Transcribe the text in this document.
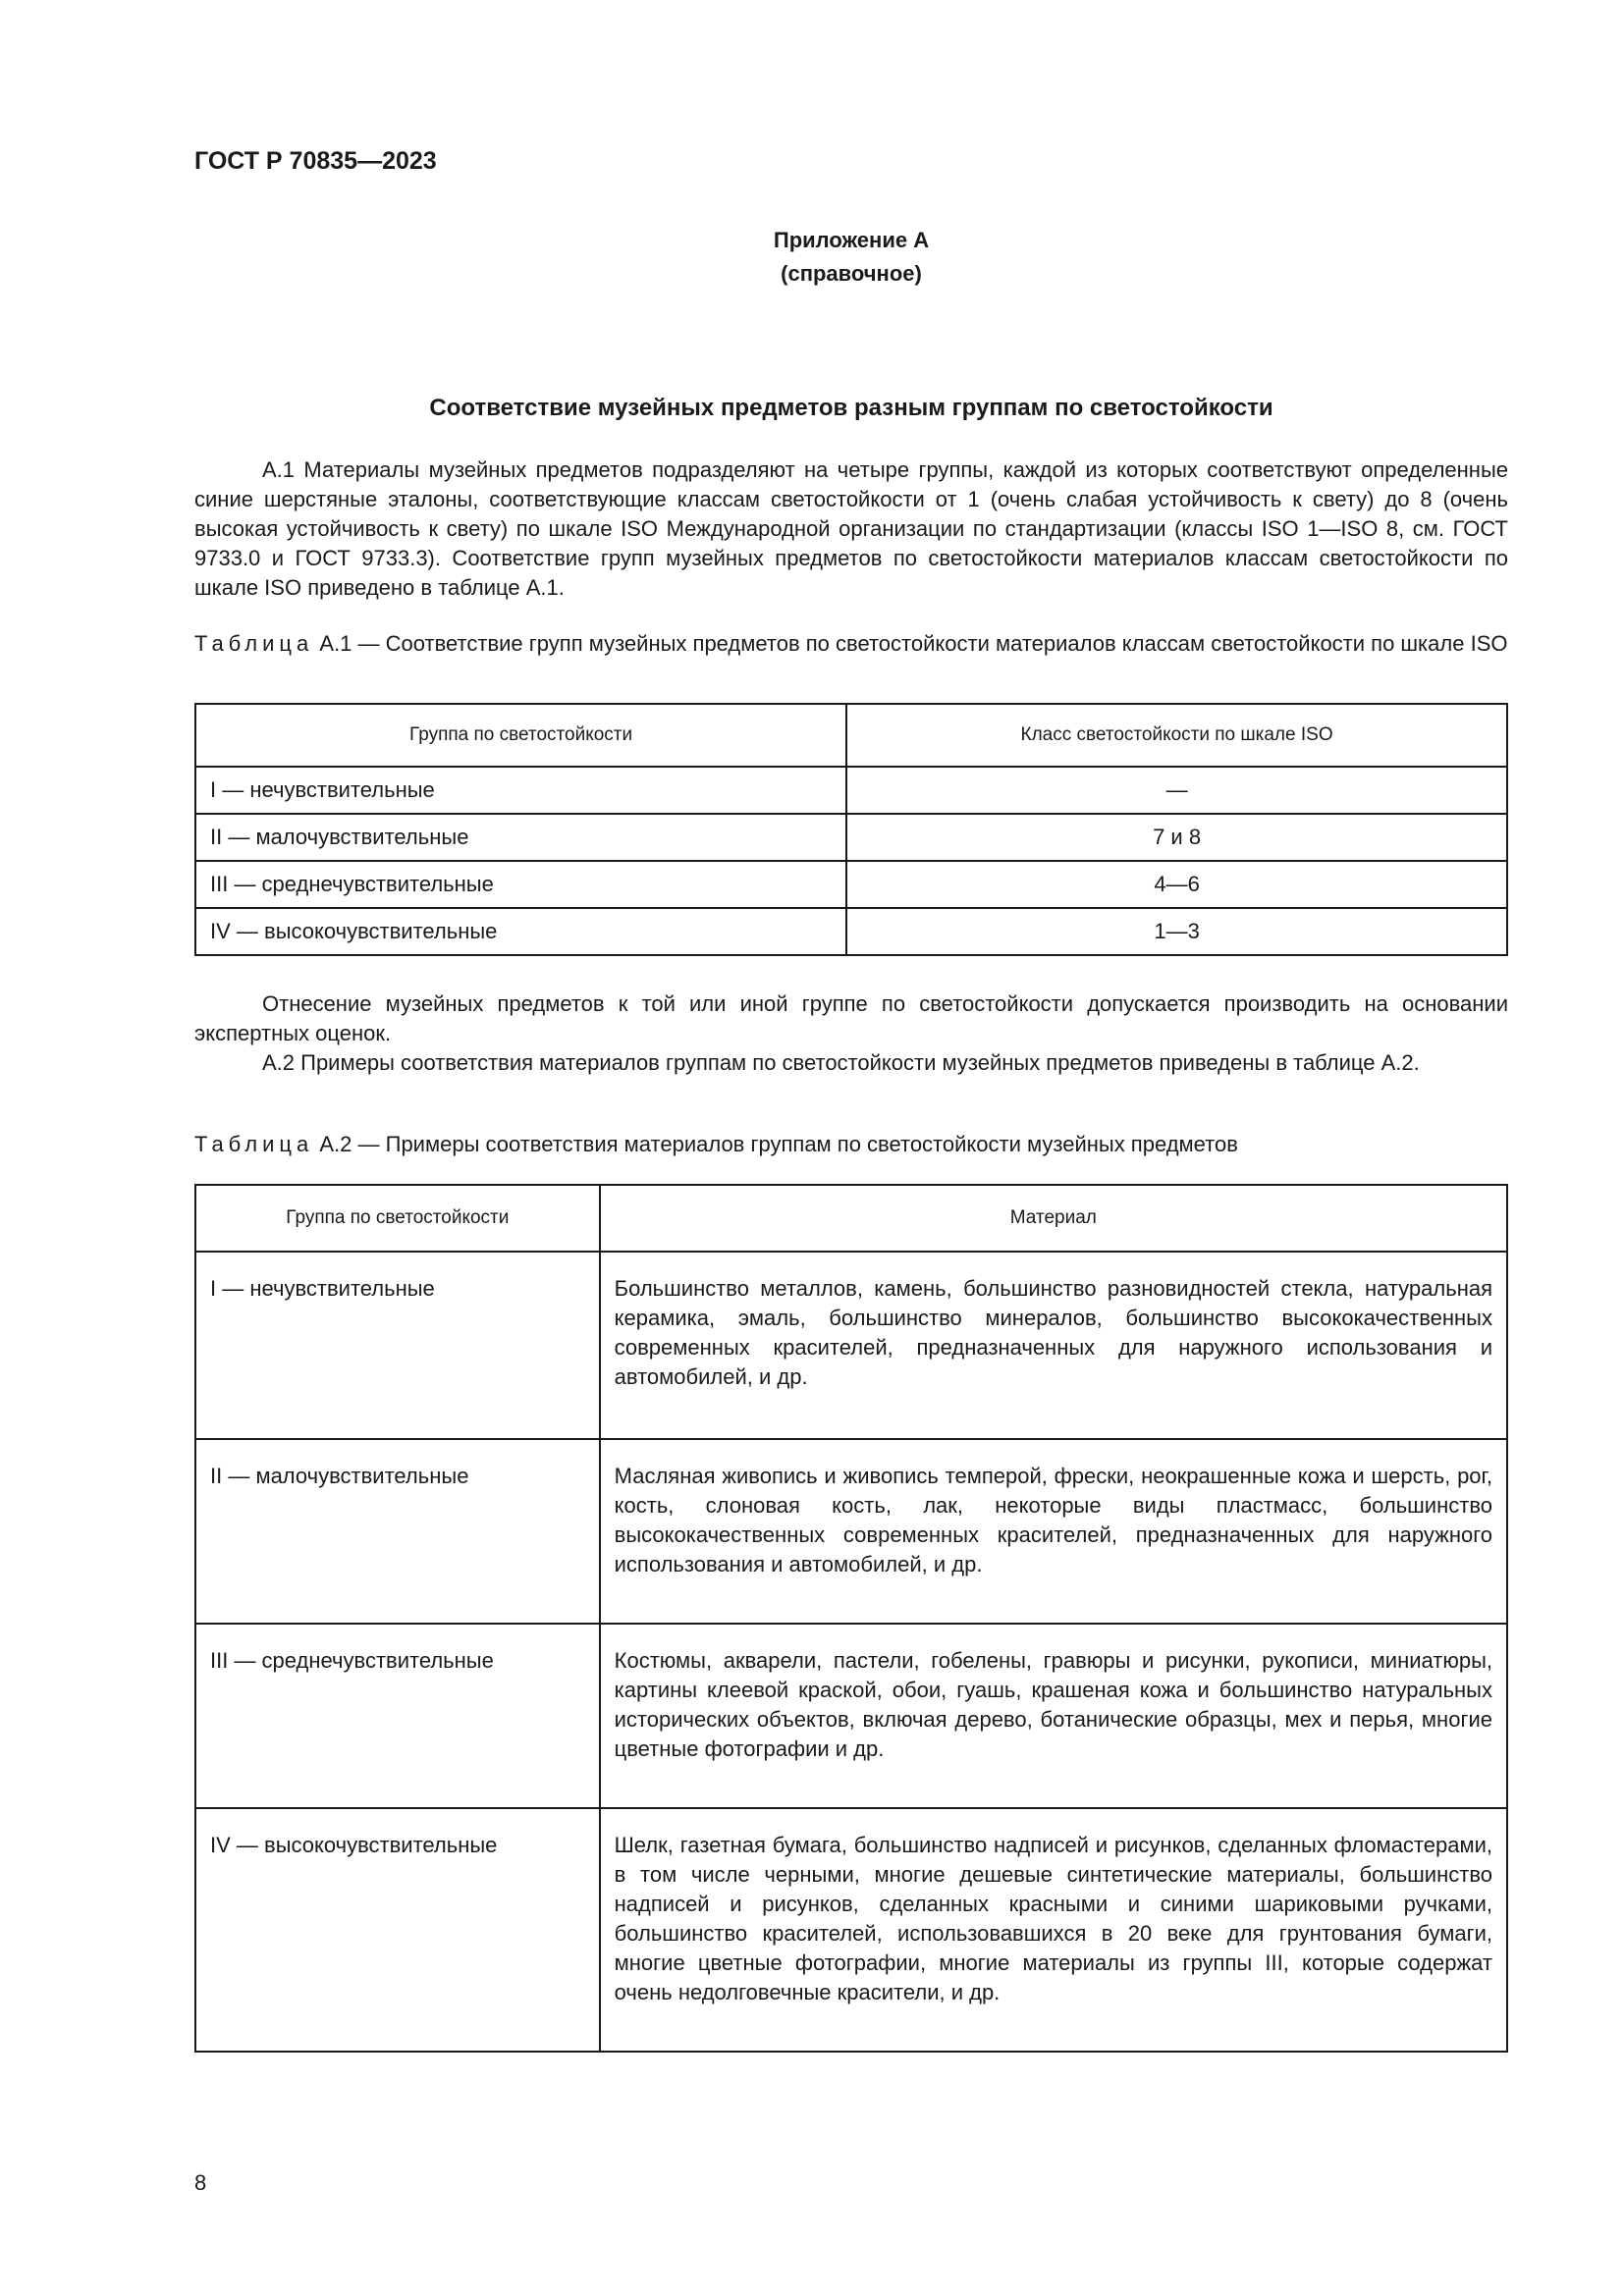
ГОСТ Р 70835—2023
Приложение А
(справочное)
Соответствие музейных предметов разным группам по светостойкости
А.1 Материалы музейных предметов подразделяют на четыре группы, каждой из которых соответствуют определенные синие шерстяные эталоны, соответствующие классам светостойкости от 1 (очень слабая устойчивость к свету) до 8 (очень высокая устойчивость к свету) по шкале ISO Международной организации по стандартизации (классы ISO 1—ISO 8, см. ГОСТ 9733.0 и ГОСТ 9733.3). Соответствие групп музейных предметов по светостойкости материалов классам светостойкости по шкале ISO приведено в таблице А.1.
Таблица А.1 — Соответствие групп музейных предметов по светостойкости материалов классам светостойкости по шкале ISO
Группа по светостойкости	Класс светостойкости по шкале ISO
I — нечувствительные	—
II — малочувствительные	7 и 8
III — среднечувствительные	4—6
IV — высокочувствительные	1—3
Отнесение музейных предметов к той или иной группе по светостойкости допускается производить на основании экспертных оценок.
А.2 Примеры соответствия материалов группам по светостойкости музейных предметов приведены в таблице А.2.
Таблица А.2 — Примеры соответствия материалов группам по светостойкости музейных предметов
Группа по светостойкости	Материал
I — нечувствительные	Большинство металлов, камень, большинство разновидностей стекла, натуральная керамика, эмаль, большинство минералов, большинство высококачественных современных красителей, предназначенных для наружного использования и автомобилей, и др.
II — малочувствительные	Масляная живопись и живопись темперой, фрески, неокрашенные кожа и шерсть, рог, кость, слоновая кость, лак, некоторые виды пластмасс, большинство высококачественных современных красителей, предназначенных для наружного использования и автомобилей, и др.
III — среднечувствительные	Костюмы, акварели, пастели, гобелены, гравюры и рисунки, рукописи, миниатюры, картины клеевой краской, обои, гуашь, крашеная кожа и большинство натуральных исторических объектов, включая дерево, ботанические образцы, мех и перья, многие цветные фотографии и др.
IV — высокочувствительные	Шелк, газетная бумага, большинство надписей и рисунков, сделанных фломастерами, в том числе черными, многие дешевые синтетические материалы, большинство надписей и рисунков, сделанных красными и синими шариковыми ручками, большинство красителей, использовавшихся в 20 веке для грунтования бумаги, многие цветные фотографии, многие материалы из группы III, которые содержат очень недолговечные красители, и др.
8
